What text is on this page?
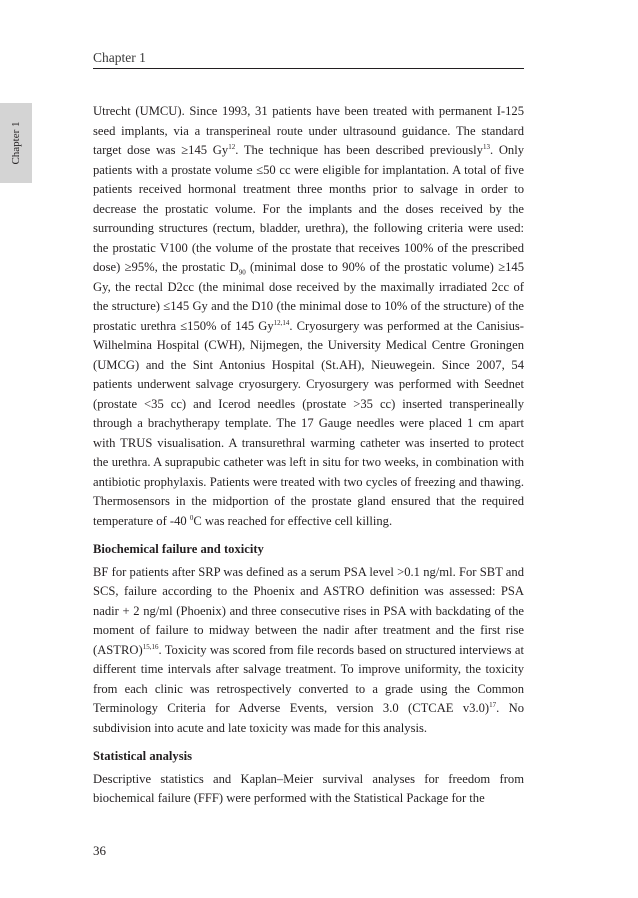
Chapter 1
Chapter 1

Utrecht (UMCU). Since 1993, 31 patients have been treated with permanent I-125 seed implants, via a transperineal route under ultrasound guidance. The standard target dose was ≥145 Gy$^{12}$. The technique has been described previously$^{13}$. Only patients with a prostate volume ≤50 cc were eligible for implantation. A total of five patients received hormonal treatment three months prior to salvage in order to decrease the prostatic volume. For the implants and the doses received by the surrounding structures (rectum, bladder, urethra), the following criteria were used: the prostatic V100 (the volume of the prostate that receives 100% of the prescribed dose) ≥95%, the prostatic $D_{90}$ (minimal dose to 90% of the prostatic volume) ≥145 Gy, the rectal D2cc (the minimal dose received by the maximally irradiated 2cc of the structure) ≤145 Gy and the D10 (the minimal dose to 10% of the structure) of the prostatic urethra ≤150% of 145 Gy$^{12,14}$. Cryosurgery was performed at the Canisius-Wilhelmina Hospital (CWH), Nijmegen, the University Medical Centre Groningen (UMCG) and the Sint Antonius Hospital (St.AH), Nieuwegein. Since 2007, 54 patients underwent salvage cryosurgery. Cryosurgery was performed with Seednet (prostate <35 cc) and Icerod needles (prostate >35 cc) inserted transperineally through a brachytherapy template. The 17 Gauge needles were placed 1 cm apart with TRUS visualisation. A transurethral warming catheter was inserted to protect the urethra. A suprapubic catheter was left in situ for two weeks, in combination with antibiotic prophylaxis. Patients were treated with two cycles of freezing and thawing. Thermosensors in the midportion of the prostate gland ensured that the required temperature of -40 $^0$C was reached for effective cell killing.

Biochemical failure and toxicity

BF for patients after SRP was defined as a serum PSA level >0.1 ng/ml. For SBT and SCS, failure according to the Phoenix and ASTRO definition was assessed: PSA nadir + 2 ng/ml (Phoenix) and three consecutive rises in PSA with backdating of the moment of failure to midway between the nadir after treatment and the first rise (ASTRO)$^{15,16}$. Toxicity was scored from file records based on structured interviews at different time intervals after salvage treatment. To improve uniformity, the toxicity from each clinic was retrospectively converted to a grade using the Common Terminology Criteria for Adverse Events, version 3.0 (CTCAE v3.0)$^{17}$. No subdivision into acute and late toxicity was made for this analysis.

Statistical analysis

Descriptive statistics and Kaplan–Meier survival analyses for freedom from biochemical failure (FFF) were performed with the Statistical Package for the

36
